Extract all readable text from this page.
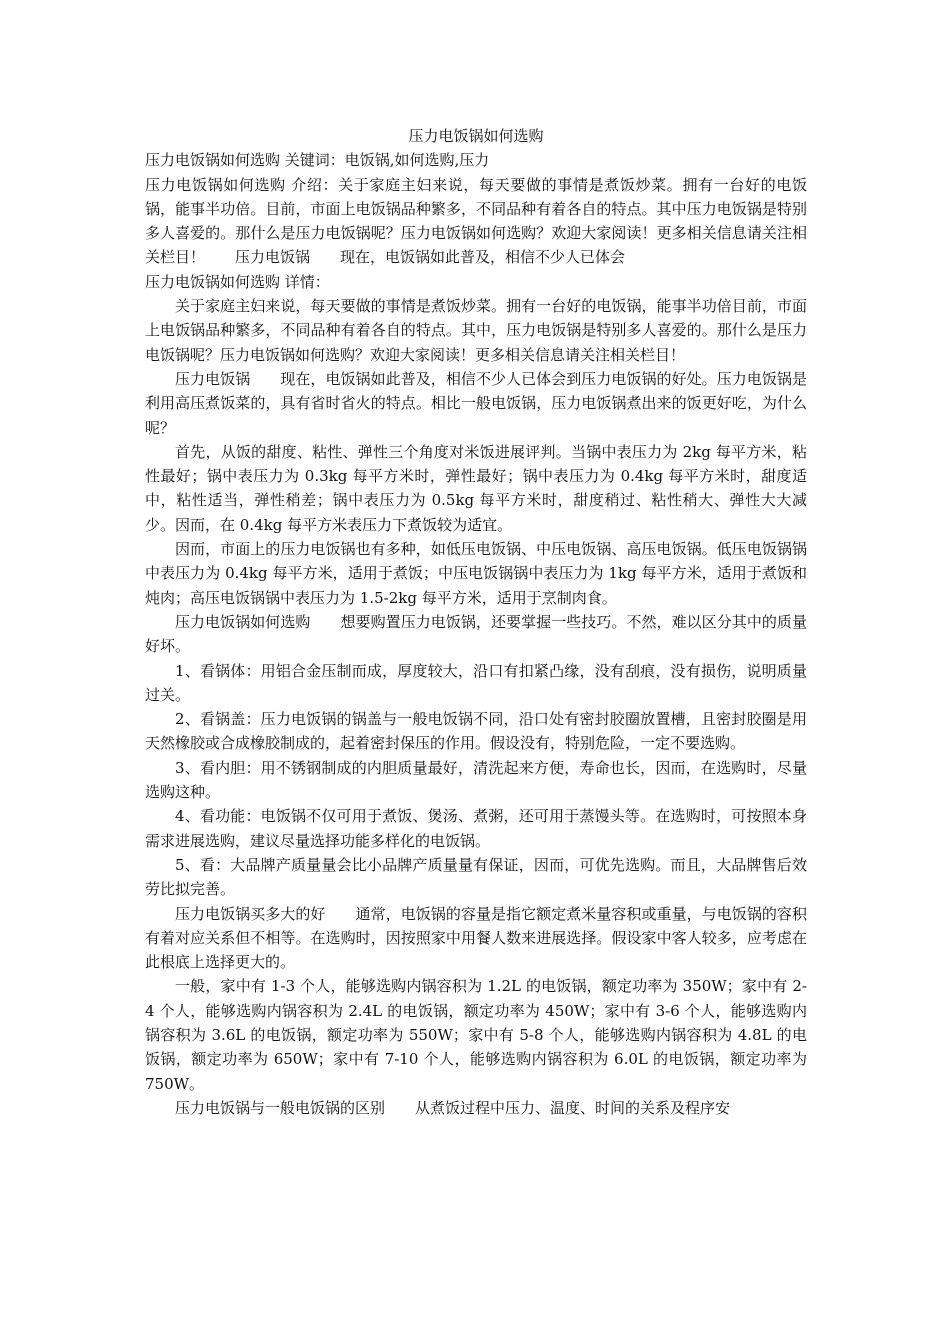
压力电饭锅如何选购

压力电饭锅如何选购 关键词：电饭锅,如何选购,压力

压力电饭锅如何选购 介绍：关于家庭主妇来说，每天要做的事情是煮饭炒菜。拥有一台好的电饭锅，能事半功倍。目前，市面上电饭锅品种繁多，不同品种有着各自的特点。其中压力电饭锅是特别多人喜爱的。那什么是压力电饭锅呢？压力电饭锅如何选购？欢迎大家阅读！更多相关信息请关注相关栏目！ 压力电饭锅 现在，电饭锅如此普及，相信不少人已体会

压力电饭锅如何选购 详情：

关于家庭主妇来说，每天要做的事情是煮饭炒菜。拥有一台好的电饭锅，能事半功倍目前，市面上电饭锅品种繁多，不同品种有着各自的特点。其中，压力电饭锅是特别多人喜爱的。那什么是压力电饭锅呢？压力电饭锅如何选购？欢迎大家阅读！更多相关信息请关注相关栏目！

压力电饭锅 现在，电饭锅如此普及，相信不少人已体会到压力电饭锅的好处。压力电饭锅是利用高压煮饭菜的，具有省时省火的特点。相比一般电饭锅，压力电饭锅煮出来的饭更好吃，为什么呢？

首先，从饭的甜度、粘性、弹性三个角度对米饭进展评判。当锅中表压力为 2kg 每平方米，粘性最好；锅中表压力为 0.3kg 每平方米时，弹性最好；锅中表压力为 0.4kg 每平方米时，甜度适中，粘性适当，弹性稍差；锅中表压力为 0.5kg 每平方米时，甜度稍过、粘性稍大、弹性大大减少。因而，在 0.4kg 每平方米表压力下煮饭较为适宜。

因而，市面上的压力电饭锅也有多种，如低压电饭锅、中压电饭锅、高压电饭锅。低压电饭锅锅中表压力为 0.4kg 每平方米，适用于煮饭；中压电饭锅锅中表压力为 1kg 每平方米，适用于煮饭和炖肉；高压电饭锅锅中表压力为 1.5-2kg 每平方米，适用于烹制肉食。

压力电饭锅如何选购 想要购置压力电饭锅，还要掌握一些技巧。不然，难以区分其中的质量好坏。

1、看锅体：用铝合金压制而成，厚度较大，沿口有扣紧凸缘，没有刮痕，没有损伤，说明质量过关。

2、看锅盖：压力电饭锅的锅盖与一般电饭锅不同，沿口处有密封胶圈放置槽，且密封胶圈是用天然橡胶或合成橡胶制成的，起着密封保压的作用。假设没有，特别危险，一定不要选购。

3、看内胆：用不锈钢制成的内胆质量最好，清洗起来方便，寿命也长，因而，在选购时，尽量选购这种。

4、看功能：电饭锅不仅可用于煮饭、煲汤、煮粥，还可用于蒸馒头等。在选购时，可按照本身需求进展选购，建议尽量选择功能多样化的电饭锅。

5、看：大品牌产质量量会比小品牌产质量量有保证，因而，可优先选购。而且，大品牌售后效劳比拟完善。

压力电饭锅买多大的好 通常，电饭锅的容量是指它额定煮米量容积或重量，与电饭锅的容积有着对应关系但不相等。在选购时，因按照家中用餐人数来进展选择。假设家中客人较多，应考虑在此根底上选择更大的。

一般，家中有 1-3 个人，能够选购内锅容积为 1.2L 的电饭锅，额定功率为 350W；家中有 2-4 个人，能够选购内锅容积为 2.4L 的电饭锅，额定功率为 450W；家中有 3-6 个人，能够选购内锅容积为 3.6L 的电饭锅，额定功率为 550W；家中有 5-8 个人，能够选购内锅容积为 4.8L 的电饭锅，额定功率为 650W；家中有 7-10 个人，能够选购内锅容积为 6.0L 的电饭锅，额定功率为 750W。

压力电饭锅与一般电饭锅的区别 从煮饭过程中压力、温度、时间的关系及程序安
